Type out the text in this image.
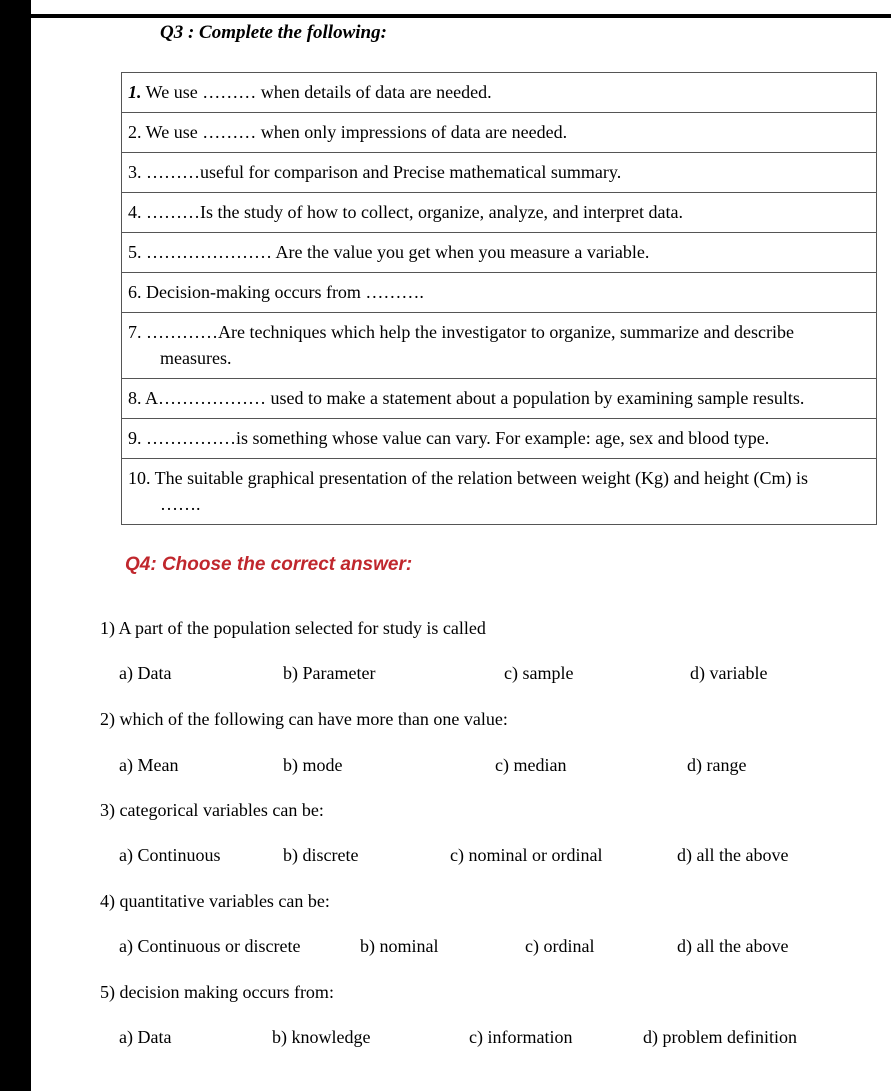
Q3 : Complete the following:
1. We use ……… when details of data are needed.
2. We use ……… when only impressions of data are needed.
3. ………useful for comparison and Precise mathematical summary.
4. ………Is the study of how to collect, organize, analyze, and interpret data.
5. ………………… Are the value you get when you measure a variable.
6. Decision-making occurs from ……….
7. …………Are techniques which help the investigator to organize, summarize and describe
measures.

8. A……………… used to make a statement about a population by examining sample results.
9. ……………is something whose value can vary. For example: age, sex and blood type.
10. The suitable graphical presentation of the relation between weight (Kg) and height (Cm) is
…….
Q4: Choose the correct answer:
1) A part of the population selected for study is called
a) Data	b) Parameter	c) sample	d) variable
2) which of the following can have more than one value:
a) Mean	b) mode	c) median	d) range
3) categorical variables can be:
a) Continuous	b) discrete	c) nominal or ordinal	d) all the above
4) quantitative variables can be:
a) Continuous or discrete	b) nominal	c) ordinal	d) all the above
5) decision making occurs from:
a) Data	b) knowledge	c) information	d) problem definition
